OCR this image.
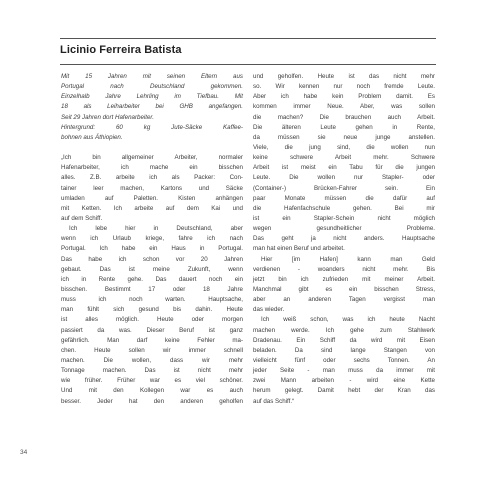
Licinio Ferreira Batista
Mit 15 Jahren mit seinen Eltern aus
Portugal nach Deutschland gekommen.
Einzelhalb Jahre Lehrling im Tiefbau. Mit
18 als Leiharbeiter bei GHB angefangen.
Seit 29 Jahren dort Hafenarbeiter.
Hintergrund: 60 kg Jute-Säcke Kaffee-
bohnen aus Äthiopien.
„Ich bin allgemeiner Arbeiter, normaler
Hafenarbeiter, ich mache ein bisschen
alles. Z.B. arbeite ich als Packer: Con-
tainer leer machen, Kartons und Säcke
umladen auf Paletten. Kisten anhängen
mit Ketten. Ich arbeite auf dem Kai und
auf dem Schiff.
Ich lebe hier in Deutschland, aber
wenn ich Urlaub kriege, fahre ich nach
Portugal. Ich habe ein Haus in Portugal.
Das habe ich schon vor 20 Jahren
gebaut. Das ist meine Zukunft, wenn
ich in Rente gehe. Das dauert noch ein
bisschen. Bestimmt 17 oder 18 Jahre
muss ich noch warten. Hauptsache,
man fühlt sich gesund bis dahin. Heute
ist alles möglich. Heute oder morgen
passiert da was. Dieser Beruf ist ganz
gefährlich. Man darf keine Fehler ma-
chen. Heute sollen wir immer schnell
machen. Die wollen, dass wir mehr
Tonnage machen. Das ist nicht mehr
wie früher. Früher war es viel schöner.
Und mit den Kollegen war es auch
besser. Jeder hat den anderen geholfen
und geholfen. Heute ist das nicht mehr
so. Wir kennen nur noch fremde Leute.
Aber ich habe kein Problem damit. Es
kommen immer Neue. Aber, was sollen
die machen? Die brauchen auch Arbeit.
Die älteren Leute gehen in Rente,
da müssen sie neue junge anstellen.
Viele, die jung sind, die wollen nun
keine schwere Arbeit mehr. Schwere
Arbeit ist meist ein Tabu für die jungen
Leute. Die wollen nur Stapler- oder
(Container-) Brücken-Fahrer sein. Ein
paar Monate müssen die dafür auf
die Hafenfachschule gehen. Bei mir
ist ein Stapler-Schein nicht möglich
wegen gesundheitlicher Probleme.
Das geht ja nicht anders. Hauptsache
man hat einen Beruf und arbeitet.
Hier [im Hafen] kann man Geld
verdienen - woanders nicht mehr. Bis
jetzt bin ich zufrieden mit meiner Arbeit.
Manchmal gibt es ein bisschen Stress,
aber an anderen Tagen vergisst man
das wieder.
Ich weiß schon, was ich heute Nacht
machen werde. Ich gehe zum Stahlwerk
Dradenau. Ein Schiff da wird mit Eisen
beladen. Da sind lange Stangen von
vielleicht fünf oder sechs Tonnen. An
jeder Seite - man muss da immer mit
zwei Mann arbeiten - wird eine Kette
herum gelegt. Damit hebt der Kran das
auf das Schiff.“
34
